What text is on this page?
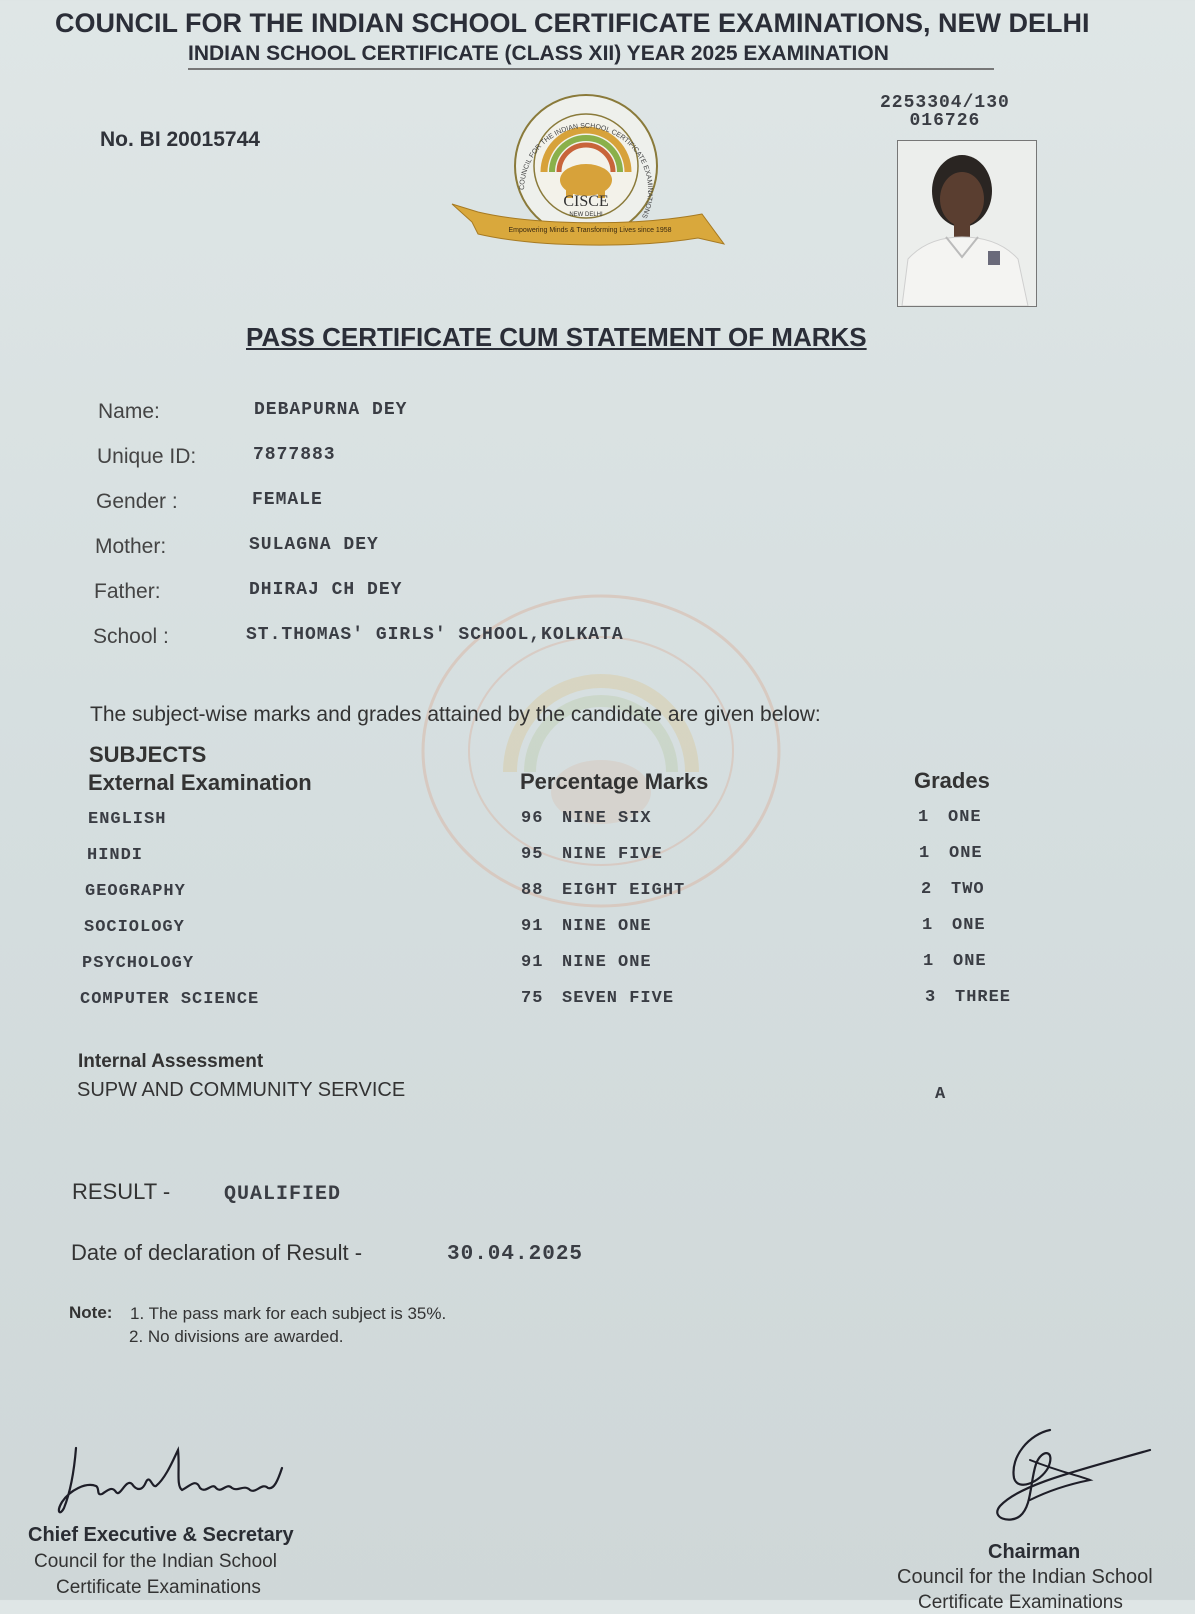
COUNCIL FOR THE INDIAN SCHOOL CERTIFICATE EXAMINATIONS, NEW DELHI
INDIAN SCHOOL CERTIFICATE (CLASS XII) YEAR 2025 EXAMINATION
No. BI 20015744
2253304/130
016726
CISCE
NEW DELHI
COUNCIL FOR THE INDIAN SCHOOL CERTIFICATE EXAMINATIONS
Empowering Minds & Transforming Lives since 1958
PASS CERTIFICATE CUM STATEMENT OF MARKS
Name:	DEBAPURNA DEY
Unique ID:	7877883
Gender :	FEMALE
Mother:	SULAGNA DEY
Father:	DHIRAJ CH DEY
School :	ST.THOMAS' GIRLS' SCHOOL,KOLKATA
The subject-wise marks and grades attained by the candidate are given below:
SUBJECTS
External Examination	Percentage Marks	Grades
ENGLISH	96 NINE SIX	1 ONE
HINDI	95 NINE FIVE	1 ONE
GEOGRAPHY	88 EIGHT EIGHT	2 TWO
SOCIOLOGY	91 NINE ONE	1 ONE
PSYCHOLOGY	91 NINE ONE	1 ONE
COMPUTER SCIENCE	75 SEVEN FIVE	3 THREE
Internal Assessment
SUPW AND COMMUNITY SERVICE	A
RESULT -	QUALIFIED
Date of declaration of Result -	30.04.2025
Note: 1. The pass mark for each subject is 35%.
2. No divisions are awarded.
Chief Executive & Secretary
Council for the Indian School
Certificate Examinations
Chairman
Council for the Indian School
Certificate Examinations
